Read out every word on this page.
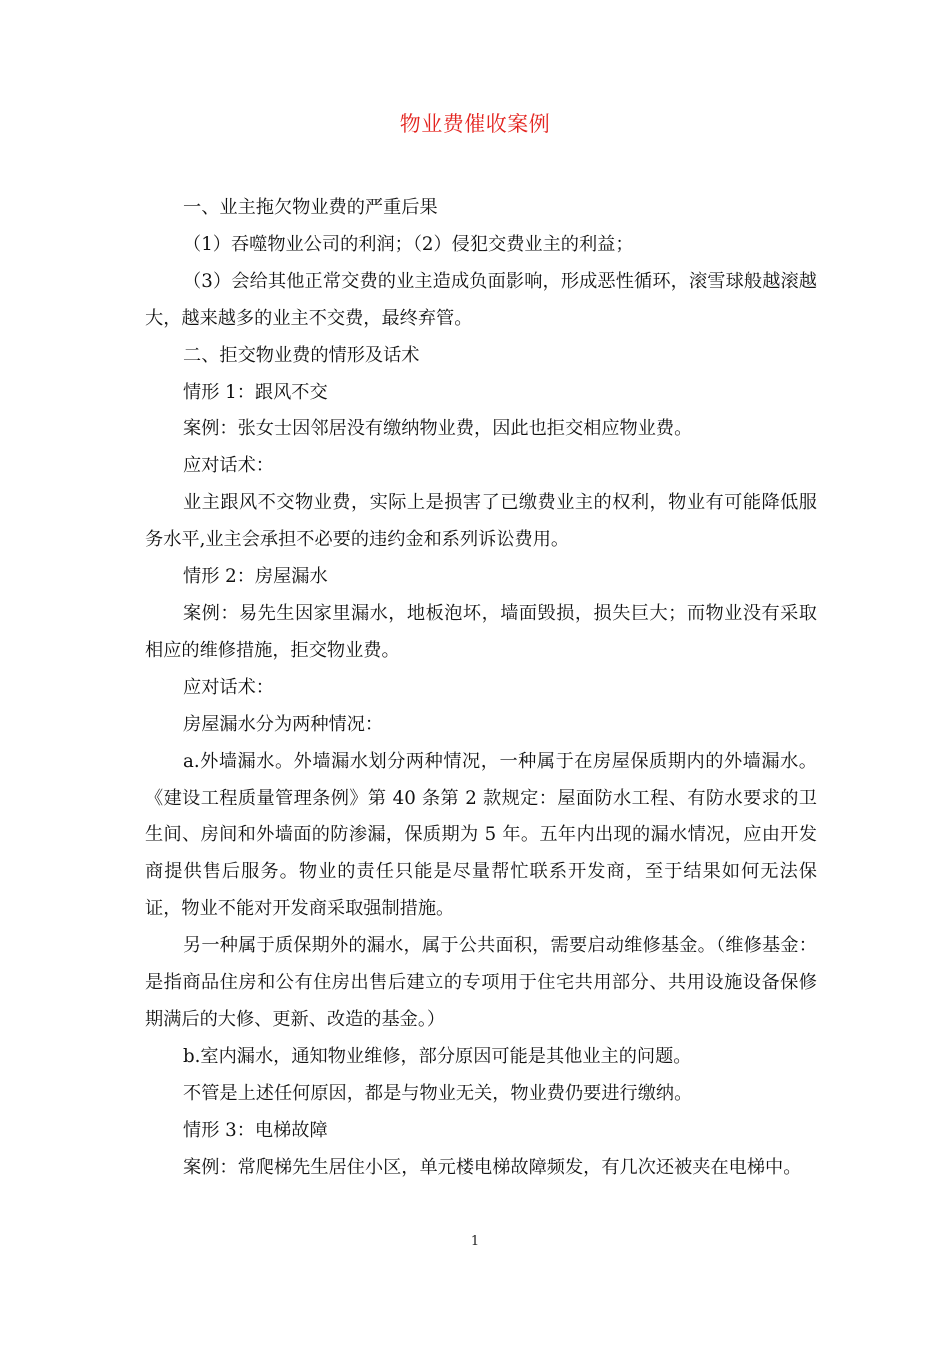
物业费催收案例

一、业主拖欠物业费的严重后果

（1）吞噬物业公司的利润；（2）侵犯交费业主的利益；

（3）会给其他正常交费的业主造成负面影响，形成恶性循环，滚雪球般越滚越大，越来越多的业主不交费，最终弃管。

二、拒交物业费的情形及话术

情形 1：跟风不交

案例：张女士因邻居没有缴纳物业费，因此也拒交相应物业费。

应对话术：

业主跟风不交物业费，实际上是损害了已缴费业主的权利，物业有可能降低服务水平,业主会承担不必要的违约金和系列诉讼费用。

情形 2：房屋漏水

案例：易先生因家里漏水，地板泡坏，墙面毁损，损失巨大；而物业没有采取相应的维修措施，拒交物业费。

应对话术：

房屋漏水分为两种情况：

a.外墙漏水。外墙漏水划分两种情况，一种属于在房屋保质期内的外墙漏水。《建设工程质量管理条例》第 40 条第 2 款规定：屋面防水工程、有防水要求的卫生间、房间和外墙面的防渗漏，保质期为 5 年。五年内出现的漏水情况，应由开发商提供售后服务。物业的责任只能是尽量帮忙联系开发商，至于结果如何无法保证，物业不能对开发商采取强制措施。

另一种属于质保期外的漏水，属于公共面积，需要启动维修基金。（维修基金：是指商品住房和公有住房出售后建立的专项用于住宅共用部分、共用设施设备保修期满后的大修、更新、改造的基金。）

b.室内漏水，通知物业维修，部分原因可能是其他业主的问题。

不管是上述任何原因，都是与物业无关，物业费仍要进行缴纳。

情形 3：电梯故障

案例：常爬梯先生居住小区，单元楼电梯故障频发，有几次还被夹在电梯中。

1
